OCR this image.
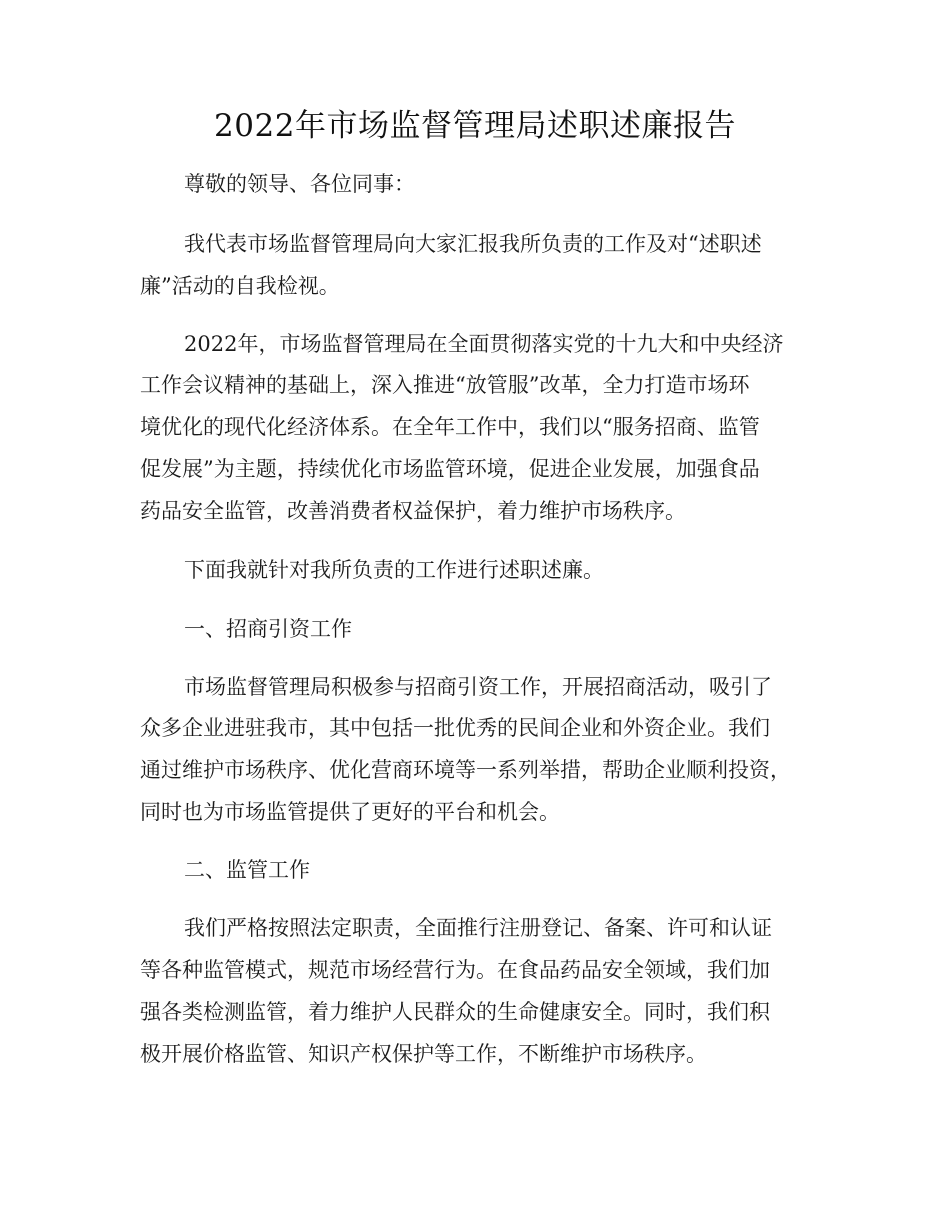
2022年市场监督管理局述职述廉报告

尊敬的领导、各位同事：

我代表市场监督管理局向大家汇报我所负责的工作及对“述职述

廉”活动的自我检视。

2022年，市场监督管理局在全面贯彻落实党的十九大和中央经济

工作会议精神的基础上，深入推进“放管服”改革，全力打造市场环

境优化的现代化经济体系。在全年工作中，我们以“服务招商、监管

促发展”为主题，持续优化市场监管环境，促进企业发展，加强食品

药品安全监管，改善消费者权益保护，着力维护市场秩序。

下面我就针对我所负责的工作进行述职述廉。

一、招商引资工作

市场监督管理局积极参与招商引资工作，开展招商活动，吸引了

众多企业进驻我市，其中包括一批优秀的民间企业和外资企业。我们

通过维护市场秩序、优化营商环境等一系列举措，帮助企业顺利投资，

同时也为市场监管提供了更好的平台和机会。

二、监管工作

我们严格按照法定职责，全面推行注册登记、备案、许可和认证

等各种监管模式，规范市场经营行为。在食品药品安全领域，我们加

强各类检测监管，着力维护人民群众的生命健康安全。同时，我们积

极开展价格监管、知识产权保护等工作，不断维护市场秩序。
